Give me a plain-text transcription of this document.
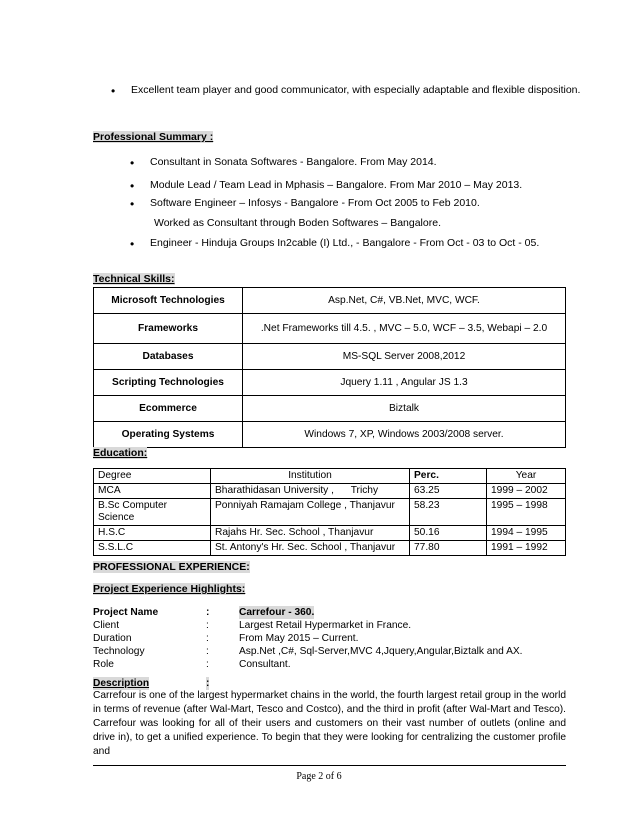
• Excellent team player and good communicator, with especially adaptable and flexible disposition.
Professional Summary :
• Consultant in Sonata Softwares - Bangalore. From May 2014.
• Module Lead / Team Lead in Mphasis – Bangalore. From Mar 2010 – May 2013.
• Software Engineer – Infosys - Bangalore - From Oct 2005 to Feb 2010.
Worked as Consultant through Boden Softwares – Bangalore.
• Engineer - Hinduja Groups In2cable (I) Ltd., - Bangalore - From Oct - 03 to Oct - 05.
Technical Skills:
Microsoft Technologies	Asp.Net, C#, VB.Net, MVC, WCF.
Frameworks	.Net Frameworks till 4.5. , MVC – 5.0, WCF – 3.5, Webapi – 2.0
Databases	MS-SQL Server 2008,2012
Scripting Technologies	Jquery 1.11 , Angular JS 1.3
Ecommerce	Biztalk
Operating Systems	Windows 7, XP, Windows 2003/2008 server.
Education:
Degree	Institution	Perc.	Year
MCA	Bharathidasan University ,      Trichy	63.25	1999 – 2002
B.Sc Computer Science	Ponniyah Ramajam College , Thanjavur	58.23	1995 – 1998
H.S.C	Rajahs Hr. Sec. School , Thanjavur	50.16	1994 – 1995
S.S.L.C	St. Antony's Hr. Sec. School , Thanjavur	77.80	1991 – 1992
PROFESSIONAL EXPERIENCE:
Project Experience Highlights:
Project Name	:	Carrefour - 360.
Client	:	Largest Retail Hypermarket in France.
Duration	:	From May 2015 – Current.
Technology	:	Asp.Net ,C#, Sql-Server,MVC 4,Jquery,Angular,Biztalk and AX.
Role	:	Consultant.
Description	:
Carrefour is one of the largest hypermarket chains in the world, the fourth largest retail group in the world in terms of revenue (after Wal-Mart, Tesco and Costco), and the third in profit (after Wal-Mart and Tesco). Carrefour was looking for all of their users and customers on their vast number of outlets (online and drive in), to get a unified experience. To begin that they were looking for centralizing the customer profile and
Page 2 of 6
